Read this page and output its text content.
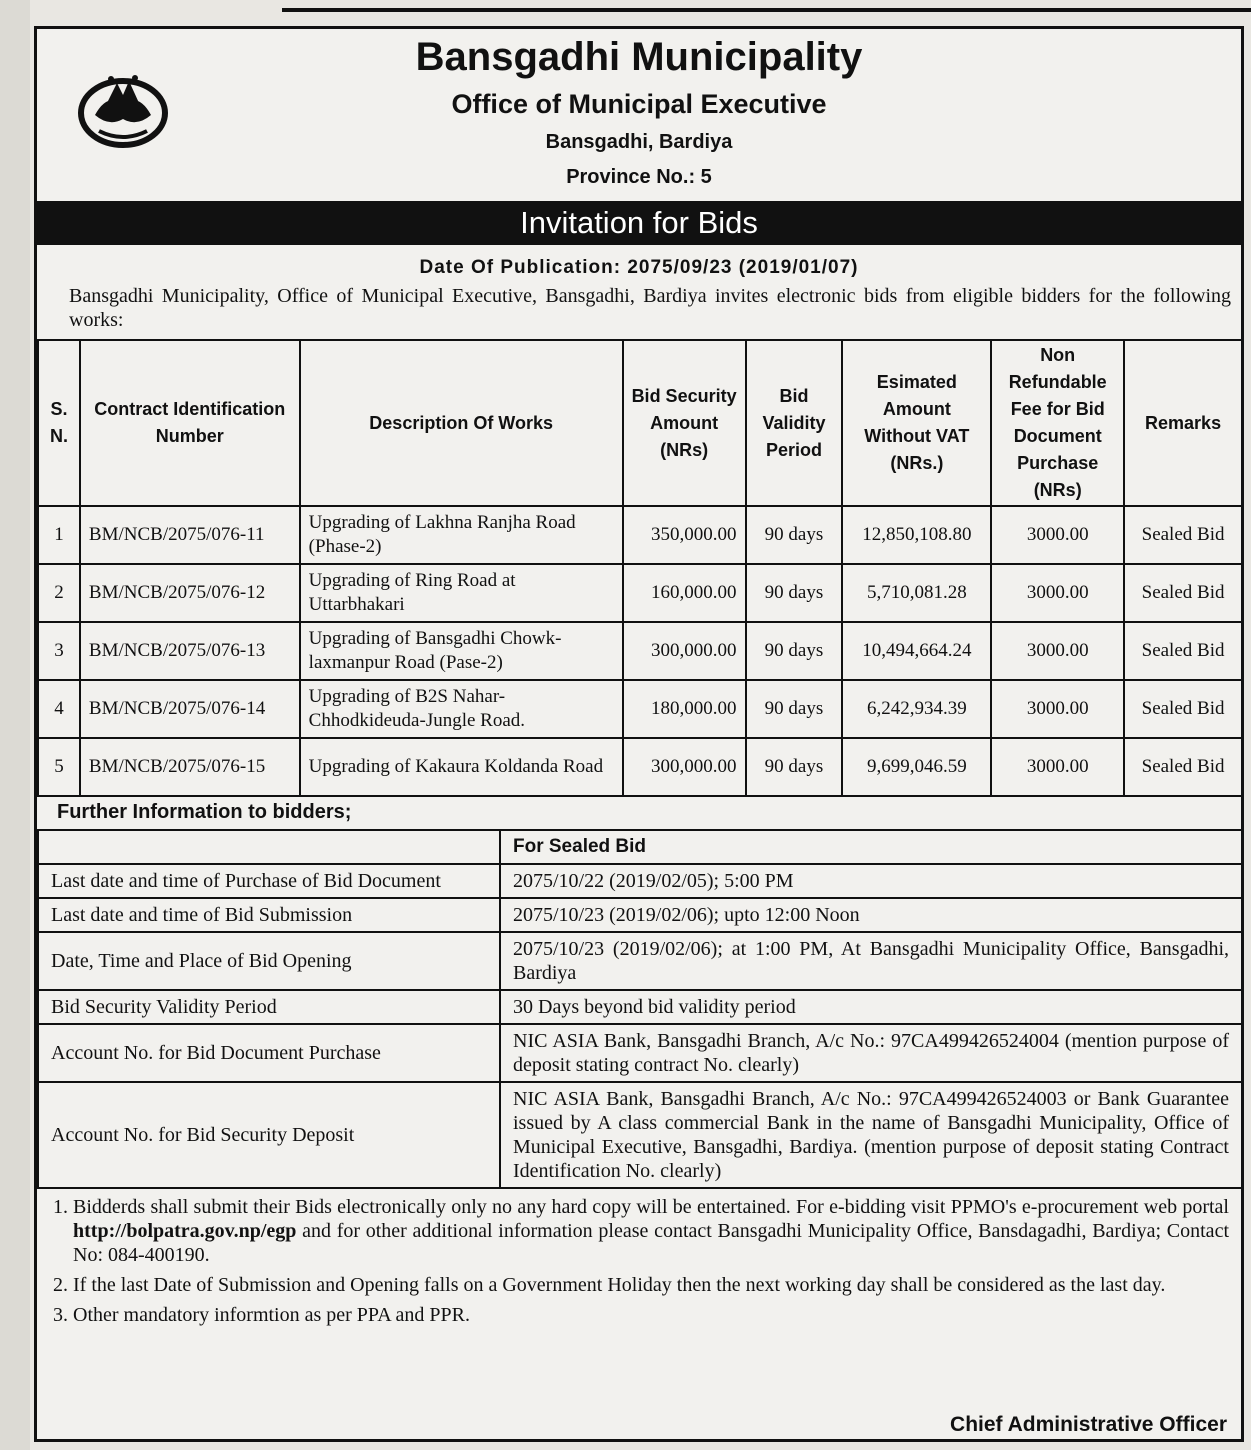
Bansgadhi Municipality
Office of Municipal Executive
Bansgadhi, Bardiya
Province No.: 5
Invitation for Bids
Date Of Publication: 2075/09/23 (2019/01/07)
Bansgadhi Municipality, Office of Municipal Executive, Bansgadhi, Bardiya invites electronic bids from eligible bidders for the following works:
S. N.	Contract Identification Number	Description Of Works	Bid Security Amount (NRs)	Bid Validity Period	Esimated Amount Without VAT (NRs.)	Non Refundable Fee for Bid Document Purchase (NRs)	Remarks
1	BM/NCB/2075/076-11	Upgrading of Lakhna Ranjha Road (Phase-2)	350,000.00	90 days	12,850,108.80	3000.00	Sealed Bid
2	BM/NCB/2075/076-12	Upgrading of Ring Road at Uttarbhakari	160,000.00	90 days	5,710,081.28	3000.00	Sealed Bid
3	BM/NCB/2075/076-13	Upgrading of Bansgadhi Chowk-laxmanpur Road (Pase-2)	300,000.00	90 days	10,494,664.24	3000.00	Sealed Bid
4	BM/NCB/2075/076-14	Upgrading of B2S Nahar-Chhodkideuda-Jungle Road.	180,000.00	90 days	6,242,934.39	3000.00	Sealed Bid
5	BM/NCB/2075/076-15	Upgrading of Kakaura Koldanda Road	300,000.00	90 days	9,699,046.59	3000.00	Sealed Bid
Further Information to bidders;
	For Sealed Bid
Last date and time of Purchase of Bid Document	2075/10/22 (2019/02/05); 5:00 PM
Last date and time of Bid Submission	2075/10/23 (2019/02/06); upto 12:00 Noon
Date, Time and Place of Bid Opening	2075/10/23 (2019/02/06); at 1:00 PM, At Bansgadhi Municipality Office, Bansgadhi, Bardiya
Bid Security Validity Period	30 Days beyond bid validity period
Account No. for Bid Document Purchase	NIC ASIA Bank, Bansgadhi Branch, A/c No.: 97CA499426524004 (mention purpose of deposit stating contract No. clearly)
Account No. for Bid Security Deposit	NIC ASIA Bank, Bansgadhi Branch, A/c No.: 97CA499426524003 or Bank Guarantee issued by A class commercial Bank in the name of Bansgadhi Municipality, Office of Municipal Executive, Bansgadhi, Bardiya. (mention purpose of deposit stating Contract Identification No. clearly)
1. Bidderds shall submit their Bids electronically only no any hard copy will be entertained. For e-bidding visit PPMO's e-procurement web portal http://bolpatra.gov.np/egp and for other additional information please contact Bansgadhi Municipality Office, Bansdagadhi, Bardiya; Contact No: 084-400190.
2. If the last Date of Submission and Opening falls on a Government Holiday then the next working day shall be considered as the last day.
3. Other mandatory informtion as per PPA and PPR.
Chief Administrative Officer
